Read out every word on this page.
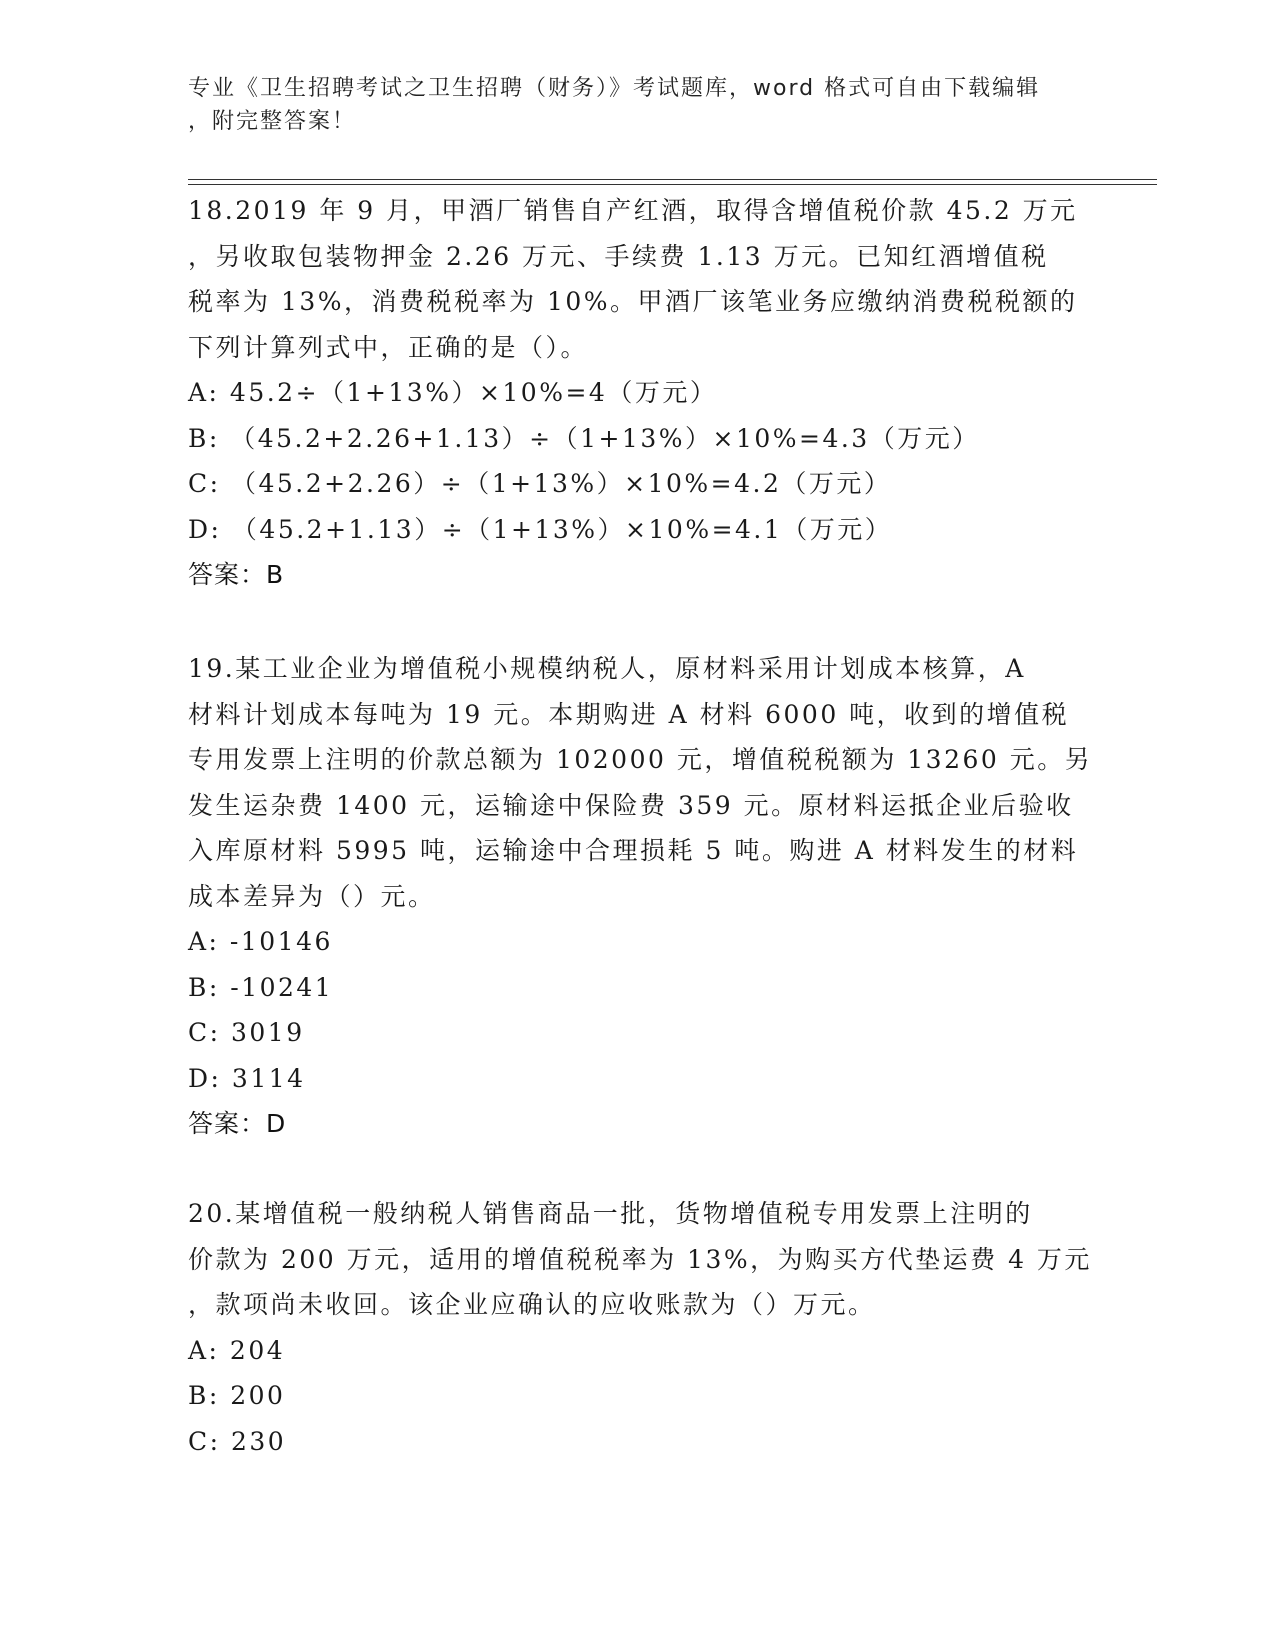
专业《卫生招聘考试之卫生招聘（财务）》考试题库，word 格式可自由下载编辑
，附完整答案！
18.2019 年 9 月，甲酒厂销售自产红酒，取得含增值税价款 45.2 万元
，另收取包装物押金 2.26 万元、手续费 1.13 万元。已知红酒增值税
税率为 13%，消费税税率为 10%。甲酒厂该笔业务应缴纳消费税税额的
下列计算列式中，正确的是（）。
A: 45.2÷（1+13%）×10%=4（万元）
B: （45.2+2.26+1.13）÷（1+13%）×10%=4.3（万元）
C: （45.2+2.26）÷（1+13%）×10%=4.2（万元）
D: （45.2+1.13）÷（1+13%）×10%=4.1（万元）
答案：B
19.某工业企业为增值税小规模纳税人，原材料采用计划成本核算，A
材料计划成本每吨为 19 元。本期购进 A 材料 6000 吨，收到的增值税
专用发票上注明的价款总额为 102000 元，增值税税额为 13260 元。另
发生运杂费 1400 元，运输途中保险费 359 元。原材料运抵企业后验收
入库原材料 5995 吨，运输途中合理损耗 5 吨。购进 A 材料发生的材料
成本差异为（）元。
A: -10146
B: -10241
C: 3019
D: 3114
答案：D
20.某增值税一般纳税人销售商品一批，货物增值税专用发票上注明的
价款为 200 万元，适用的增值税税率为 13%，为购买方代垫运费 4 万元
，款项尚未收回。该企业应确认的应收账款为（）万元。
A: 204
B: 200
C: 230
